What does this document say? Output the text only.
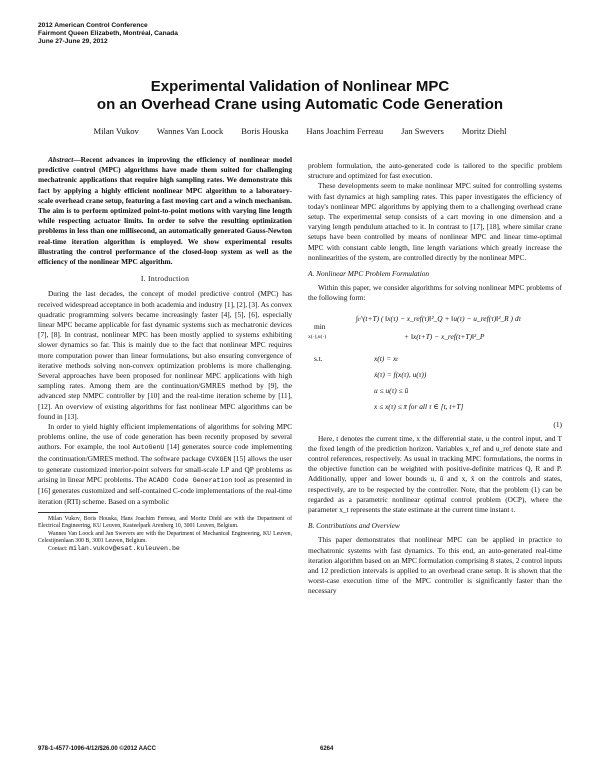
2012 American Control Conference
Fairmont Queen Elizabeth, Montréal, Canada
June 27-June 29, 2012
Experimental Validation of Nonlinear MPC
on an Overhead Crane using Automatic Code Generation
Milan Vukov Wannes Van Loock Boris Houska Hans Joachim Ferreau Jan Swevers Moritz Diehl

Abstract—Recent advances in improving the efficiency of nonlinear model predictive control (MPC) algorithms have made them suited for challenging mechatronic applications that require high sampling rates. We demonstrate this fact by applying a highly efficient nonlinear MPC algorithm to a laboratory-scale overhead crane setup, featuring a fast moving cart and a winch mechanism. The aim is to perform optimized point-to-point motions with varying line length while respecting actuator limits. In order to solve the resulting optimization problems in less than one millisecond, an automatically generated Gauss-Newton real-time iteration algorithm is employed. We show experimental results illustrating the control performance of the closed-loop system as well as the efficiency of the nonlinear MPC algorithm.

I. Introduction

During the last decades, the concept of model predictive control (MPC) has received widespread acceptance in both academia and industry [1], [2], [3]. As convex quadratic programming solvers became increasingly faster [4], [5], [6], especially linear MPC became applicable for fast dynamic systems such as mechatronic devices [7], [8]. In contrast, nonlinear MPC has been mostly applied to systems exhibiting slower dynamics so far. This is mainly due to the fact that nonlinear MPC requires more computation power than linear formulations, but also ensuring convergence of iterative methods solving non-convex optimization problems is more challenging. Several approaches have been proposed for nonlinear MPC applications with high sampling rates. Among them are the continuation/GMRES method by [9], the advanced step NMPC controller by [10] and the real-time iteration scheme by [11], [12]. An overview of existing algorithms for fast nonlinear MPC algorithms can be found in [13].

In order to yield highly efficient implementations of algorithms for solving MPC problems online, the use of code generation has been recently proposed by several authors. For example, the tool AutoGenU [14] generates source code implementing the continuation/GMRES method. The software package CVXGEN [15] allows the user to generate customized interior-point solvers for small-scale LP and QP problems as arising in linear MPC problems. The ACADO Code Generation tool as presented in [16] generates customized and self-contained C-code implementations of the real-time iteration (RTI) scheme. Based on a symbolic

Milan Vukov, Boris Houska, Hans Joachim Ferreau, and Moritz Diehl are with the Department of Electrical Engineering, KU Leuven, Kasteelpark Arenberg 10, 3001 Leuven, Belgium.

Wannes Van Loock and Jan Swevers are with the Department of Mechanical Engineering, KU Leuven, Celestijnenlaan 300 B, 3001 Leuven, Belgium.

Contact: milan.vukov@esat.kuleuven.be

problem formulation, the auto-generated code is tailored to the specific problem structure and optimized for fast execution.

These developments seem to make nonlinear MPC suited for controlling systems with fast dynamics at high sampling rates. This paper investigates the efficiency of today's nonlinear MPC algorithms by applying them to a challenging overhead crane setup. The experimental setup consists of a cart moving in one dimension and a varying length pendulum attached to it. In contrast to [17], [18], where similar crane setups have been controlled by means of nonlinear MPC and linear time-optimal MPC with constant cable length, line length variations which greatly increase the nonlinearities of the system, are controlled directly by the nonlinear MPC.

A. Nonlinear MPC Problem Formulation

Within this paper, we consider algorithms for solving nonlinear MPC problems of the following form:

min
x(·),u(·)
∫ₜ^(t+T) ( ‖x(τ) − x_ref(τ)‖²_Q + ‖u(τ) − u_ref(τ)‖²_R ) dτ
+ ‖x(t+T) − x_ref(t+T)‖²_P
s.t.	x(t) = xₜ
ẋ(τ) = f(x(τ), u(τ))
u ≤ u(τ) ≤ ū
x ≤ x(τ) ≤ x̄ for all τ ∈ [t, t+T]
(1)

Here, t denotes the current time, x the differential state, u the control input, and T the fixed length of the prediction horizon. Variables x_ref and u_ref denote state and control references, respectively. As usual in tracking MPC formulations, the norms in the objective function can be weighted with positive-definite matrices Q, R and P. Additionally, upper and lower bounds u, ū and x, x̄ on the controls and states, respectively, are to be respected by the controller. Note, that the problem (1) can be regarded as a parametric nonlinear optimal control problem (OCP), where the parameter x_t represents the state estimate at the current time instant t.

B. Contributions and Overview

This paper demonstrates that nonlinear MPC can be applied in practice to mechatronic systems with fast dynamics. To this end, an auto-generated real-time iteration algorithm based on an MPC formulation comprising 8 states, 2 control inputs and 12 prediction intervals is applied to an overhead crane setup. It is shown that the worst-case execution time of the MPC controller is significantly faster than the necessary

978-1-4577-1096-4/12/$26.00 ©2012 AACC	6264
